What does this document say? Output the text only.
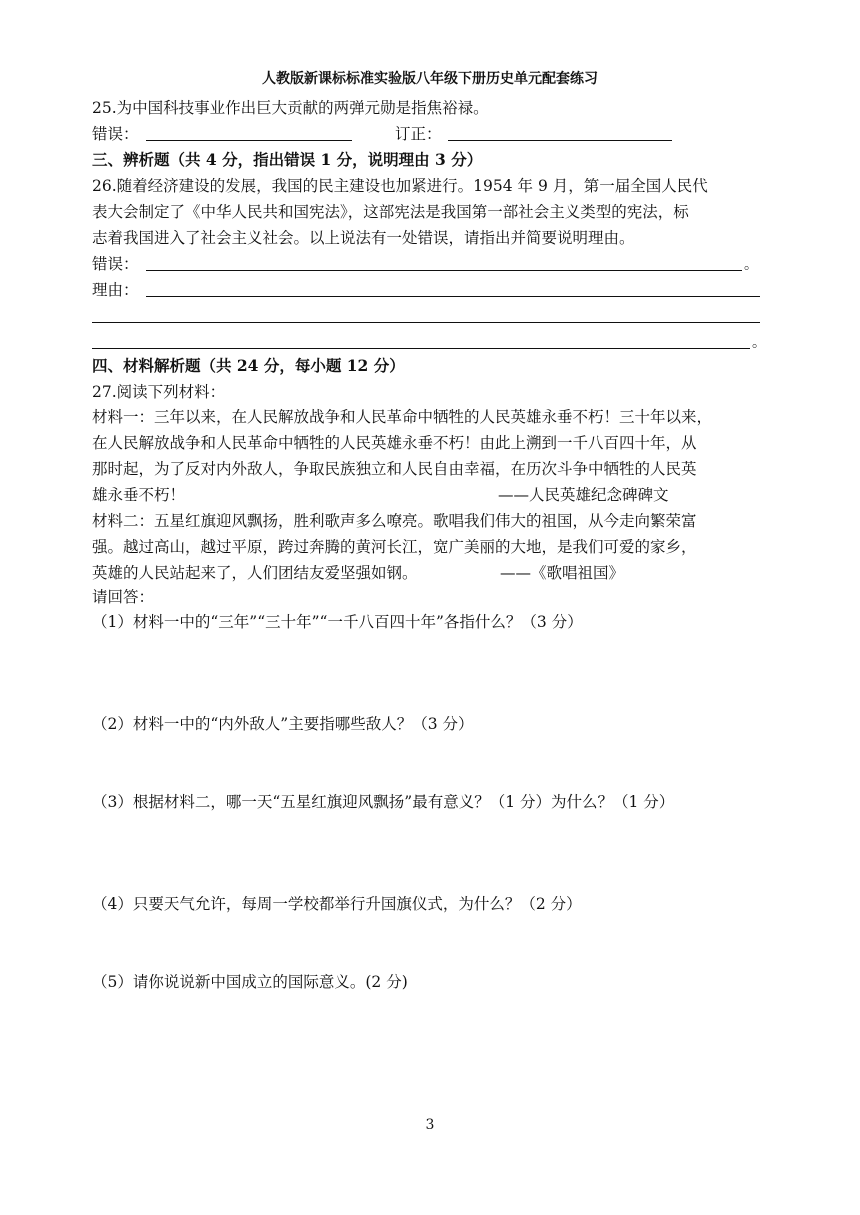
人教版新课标标准实验版八年级下册历史单元配套练习
25.为中国科技事业作出巨大贡献的两弹元勋是指焦裕禄。
错误：	订正：
三、辨析题（共 4 分，指出错误 1 分，说明理由 3 分）
26.随着经济建设的发展，我国的民主建设也加紧进行。1954 年 9 月，第一届全国人民代
表大会制定了《中华人民共和国宪法》，这部宪法是我国第一部社会主义类型的宪法，标
志着我国进入了社会主义社会。以上说法有一处错误，请指出并简要说明理由。
错误：	。
理由：
。
四、材料解析题（共 24 分，每小题 12 分）
27.阅读下列材料：
材料一：三年以来，在人民解放战争和人民革命中牺牲的人民英雄永垂不朽！三十年以来，
在人民解放战争和人民革命中牺牲的人民英雄永垂不朽！由此上溯到一千八百四十年，从
那时起，为了反对内外敌人，争取民族独立和人民自由幸福，在历次斗争中牺牲的人民英
雄永垂不朽！	——人民英雄纪念碑碑文
材料二：五星红旗迎风飘扬，胜利歌声多么嘹亮。歌唱我们伟大的祖国，从今走向繁荣富
强。越过高山，越过平原，跨过奔腾的黄河长江，宽广美丽的大地，是我们可爱的家乡，
英雄的人民站起来了，人们团结友爱坚强如钢。	——《歌唱祖国》
请回答：
（1）材料一中的“三年”“三十年”“一千八百四十年”各指什么？（3 分）
（2）材料一中的“内外敌人”主要指哪些敌人？（3 分）
（3）根据材料二，哪一天“五星红旗迎风飘扬”最有意义？（1 分）为什么？（1 分）
（4）只要天气允许，每周一学校都举行升国旗仪式，为什么？（2 分）
（5）请你说说新中国成立的国际意义。(2 分)
3
